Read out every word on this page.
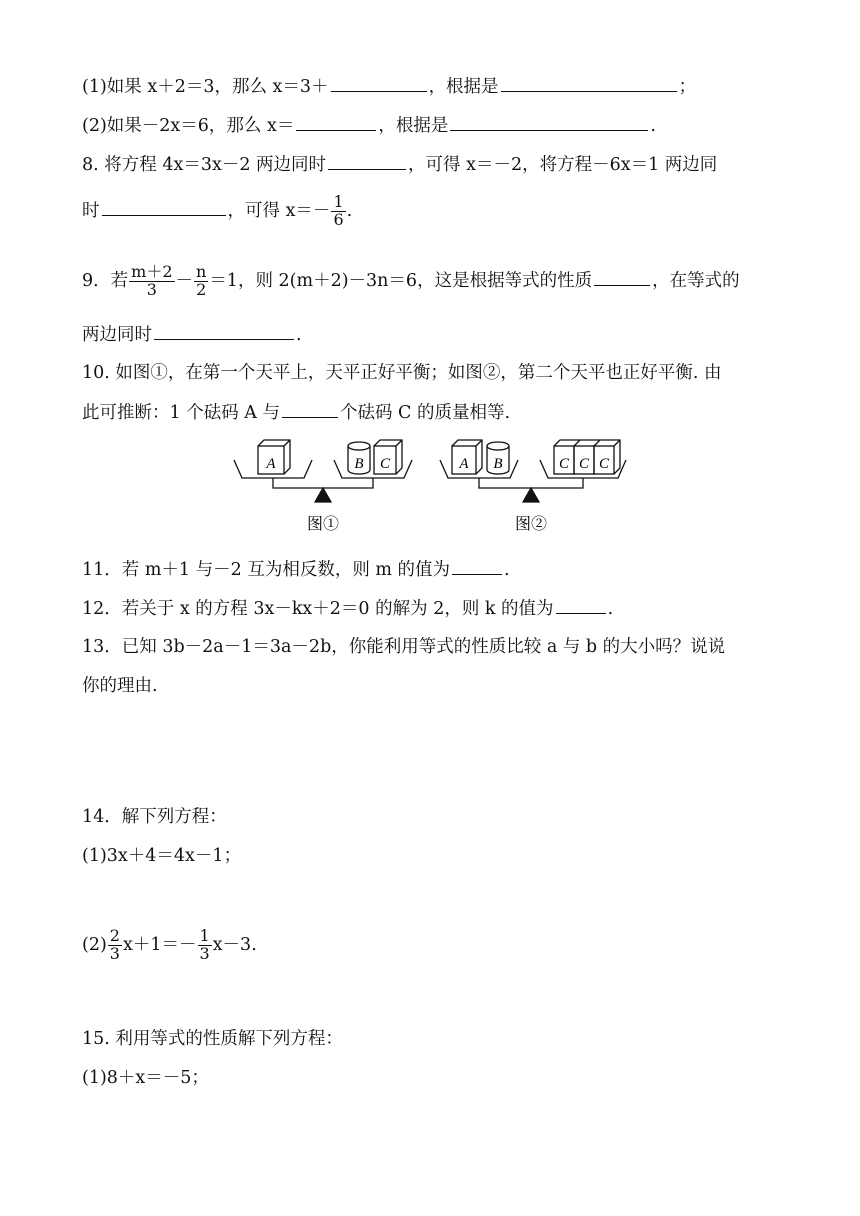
(1)如果 x＋2＝3，那么 x＝3＋	，根据是	；
(2)如果－2x＝6，那么 x＝	，根据是	.
8. 将方程 4x＝3x－2 两边同时	，可得 x＝－2，将方程－6x＝1 两边同
时	，可得 $x=- \frac{1}{6}$ .
9．若 $\frac{m+2}{3} - \frac{n}{2} =1$，则 2(m＋2)－3n＝6，这是根据等式的性质	，在等式的
两边同时	.
10. 如图①，在第一个天平上，天平正好平衡；如图②，第二个天平也正好平衡. 由
此可推断：1 个砝码 A 与	个砝码 C 的质量相等.
A	B C
图①
A B	C C C
图②
11．若 m＋1 与－2 互为相反数，则 m 的值为	.
12．若关于 x 的方程 3x－kx＋2＝0 的解为 2，则 k 的值为	.
13．已知 3b－2a－1＝3a－2b，你能利用等式的性质比较 a 与 b 的大小吗？说说
你的理由.
14．解下列方程：
(1)3x＋4＝4x－1；
$(2) \frac{2}{3} x+1=- \frac{1}{3} x-3$.
15. 利用等式的性质解下列方程：
(1)8＋x＝－5；
